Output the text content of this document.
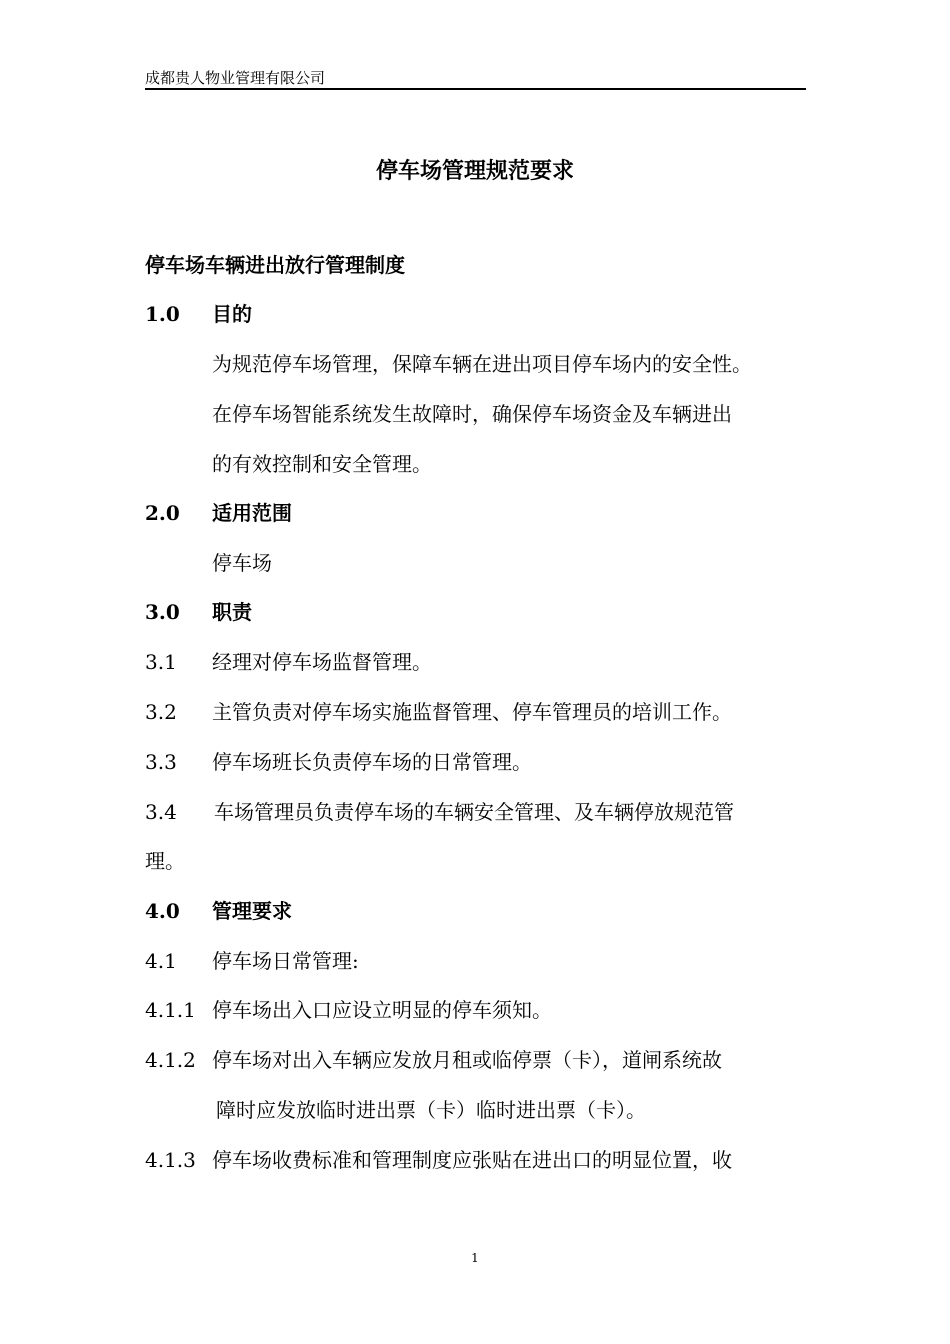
成都贵人物业管理有限公司
停车场管理规范要求
停车场车辆进出放行管理制度
1.0 目的
为规范停车场管理，保障车辆在进出项目停车场内的安全性。
在停车场智能系统发生故障时，确保停车场资金及车辆进出
的有效控制和安全管理。
2.0 适用范围
停车场
3.0 职责
3.1 经理对停车场监督管理。
3.2 主管负责对停车场实施监督管理、停车管理员的培训工作。
3.3 停车场班长负责停车场的日常管理。
3.4 车场管理员负责停车场的车辆安全管理、及车辆停放规范管
理。
4.0 管理要求
4.1 停车场日常管理:
4.1.1 停车场出入口应设立明显的停车须知。
4.1.2 停车场对出入车辆应发放月租或临停票（卡），道闸系统故
障时应发放临时进出票（卡）临时进出票（卡）。
4.1.3 停车场收费标准和管理制度应张贴在进出口的明显位置，收
1
